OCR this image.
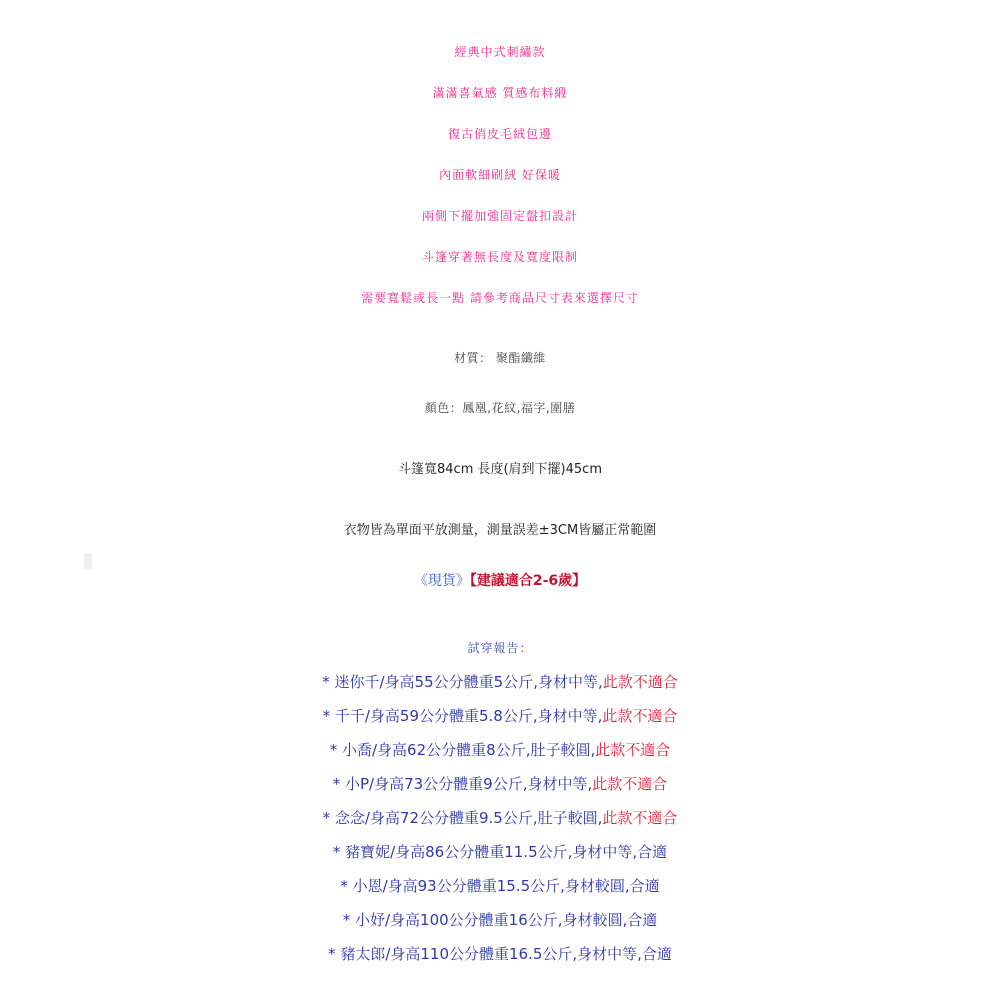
經典中式刺繡款
滿滿喜氣感 質感布料緞
復古俏皮毛絨包邊
內面軟細刷絨 好保暖
兩側下擺加強固定盤扣設計
斗篷穿著無長度及寬度限制
需要寬鬆或長一點 請參考商品尺寸表來選擇尺寸
材質： 聚酯纖維
顏色：鳳凰,花紋,福字,圍膳
斗篷寬84cm 長度(肩到下擺)45cm
衣物皆為單面平放測量，測量誤差±3CM皆屬正常範圍
《現貨》【建議適合2-6歲】
試穿報告：
* 迷你千/身高55公分體重5公斤,身材中等,此款不適合
* 千千/身高59公分體重5.8公斤,身材中等,此款不適合
* 小喬/身高62公分體重8公斤,肚子較圓,此款不適合
* 小P/身高73公分體重9公斤,身材中等,此款不適合
* 念念/身高72公分體重9.5公斤,肚子較圓,此款不適合
* 豬寶妮/身高86公分體重11.5公斤,身材中等,合適
* 小恩/身高93公分體重15.5公斤,身材較圓,合適
* 小妤/身高100公分體重16公斤,身材較圓,合適
* 豬太郎/身高110公分體重16.5公斤,身材中等,合適
